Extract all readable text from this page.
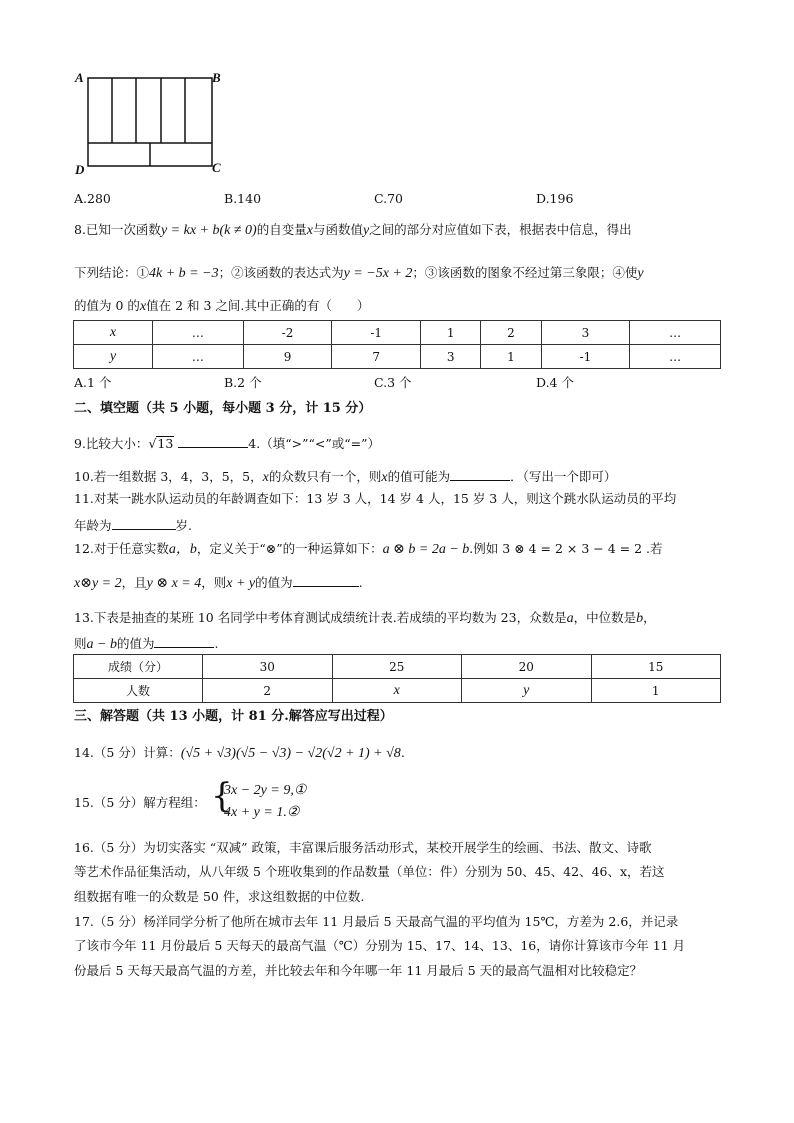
A	B
C
D
A.280	B.140	C.70	D.196
8.已知一次函数y = kx + b(k ≠ 0)的自变量x与函数值y之间的部分对应值如下表，根据表中信息，得出
下列结论：①4k + b = −3；②该函数的表达式为y = −5x + 2；③该函数的图象不经过第三象限；④使y
的值为 0 的x值在 2 和 3 之间.其中正确的有（　　）
x	…	-2	-1	1	2	3	…
y	…	9	7	3	1	-1	…
A.1 个	B.2 个	C.3 个	D.4 个
二、填空题（共 5 小题，每小题 3 分，计 15 分）
9.比较大小：√13	4.（填“>”“<”或“=”）
10.若一组数据 3，4，3，5，5，x的众数只有一个，则x的值可能为	．（写出一个即可）
11.对某一跳水队运动员的年龄调查如下：13 岁 3 人，14 岁 4 人，15 岁 3 人，则这个跳水队运动员的平均
年龄为	岁.
12.对于任意实数a，b，定义关于“⊗”的一种运算如下：a ⊗ b = 2a − b.例如 3 ⊗ 4 = 2 × 3 − 4 = 2 .若
x⊗y = 2，且y ⊗ x = 4，则x + y的值为	.
13.下表是抽查的某班 10 名同学中考体育测试成绩统计表.若成绩的平均数为 23，众数是a，中位数是b，
则a − b的值为	.
成绩（分）	30	25	20	15
人数	2	x	y	1
三、解答题（共 13 小题，计 81 分.解答应写出过程）
14.（5 分）计算：(√5 + √3)(√5 − √3) − √2(√2 + 1) + √8.
15.（5 分）解方程组： {
3x − 2y = 9,①
4x + y = 1.②
16.（5 分）为切实落实 “双减” 政策，丰富课后服务活动形式，某校开展学生的绘画、书法、散文、诗歌
等艺术作品征集活动，从八年级 5 个班收集到的作品数量（单位：件）分别为 50、45、42、46、x，若这
组数据有唯一的众数是 50 件，求这组数据的中位数.
17.（5 分）杨洋同学分析了他所在城市去年 11 月最后 5 天最高气温的平均值为 15℃，方差为 2.6，并记录
了该市今年 11 月份最后 5 天每天的最高气温（℃）分别为 15、17、14、13、16，请你计算该市今年 11 月
份最后 5 天每天最高气温的方差，并比较去年和今年哪一年 11 月最后 5 天的最高气温相对比较稳定？
